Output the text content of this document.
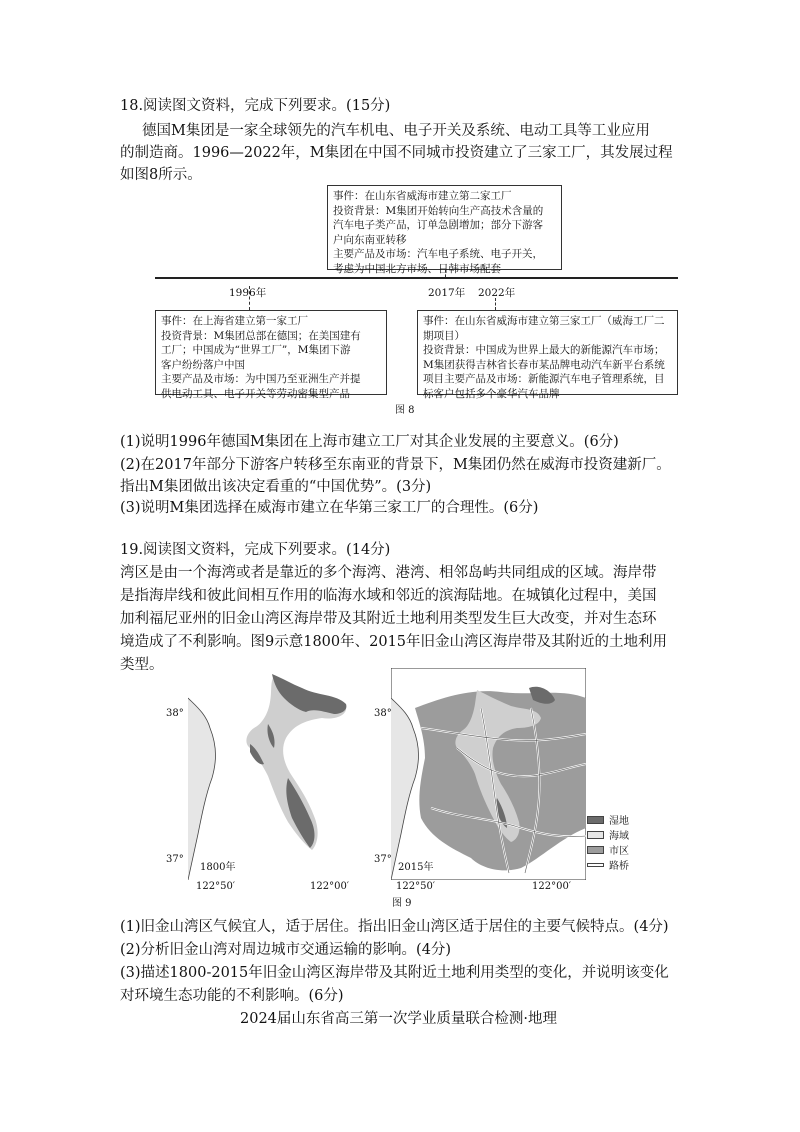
18.阅读图文资料，完成下列要求。(15分)
德国M集团是一家全球领先的汽车机电、电子开关及系统、电动工具等工业应用
的制造商。1996—2022年，M集团在中国不同城市投资建立了三家工厂，其发展过程
如图8所示。
事件：在山东省威海市建立第二家工厂
投资背景：M集团开始转向生产高技术含量的
汽车电子类产品，订单急剧增加；部分下游客
户向东南亚转移
主要产品及市场：汽车电子系统、电子开关，
考虑为中国北方市场、日韩市场配套
1996年	2017年 2022年
事件：在上海省建立第一家工厂
投资背景：M集团总部在德国；在美国建有
工厂；中国成为“世界工厂”，M集团下游
客户纷纷落户中国
主要产品及市场：为中国乃至亚洲生产并提
供电动工具、电子开关等劳动密集型产品
事件：在山东省威海市建立第三家工厂（威海工厂二
期项目）
投资背景：中国成为世界上最大的新能源汽车市场；
M集团获得吉林省长春市某品牌电动汽车新平台系统
项目主要产品及市场：新能源汽车电子管理系统，目
标客户包括多个豪华汽车品牌
图 8
(1)说明1996年德国M集团在上海市建立工厂对其企业发展的主要意义。(6分)
(2)在2017年部分下游客户转移至东南亚的背景下，M集团仍然在威海市投资建新厂。
指出M集团做出该决定看重的“中国优势”。(3分)
(3)说明M集团选择在威海市建立在华第三家工厂的合理性。(6分)
19.阅读图文资料，完成下列要求。(14分)
湾区是由一个海湾或者是靠近的多个海湾、港湾、相邻岛屿共同组成的区域。海岸带
是指海岸线和彼此间相互作用的临海水域和邻近的滨海陆地。在城镇化过程中，美国
加利福尼亚州的旧金山湾区海岸带及其附近土地利用类型发生巨大改变，并对生态环
境造成了不利影响。图9示意1800年、2015年旧金山湾区海岸带及其附近的土地利用
类型。
38°
37°
38°
37°
1800年	2015年
122°50′	122°00′	122°50′	122°00′
湿地
海域
市区
路桥
图 9
(1)旧金山湾区气候宜人，适于居住。指出旧金山湾区适于居住的主要气候特点。(4分)
(2)分析旧金山湾对周边城市交通运输的影响。(4分)
(3)描述1800-2015年旧金山湾区海岸带及其附近土地利用类型的变化，并说明该变化
对环境生态功能的不利影响。(6分)
2024届山东省高三第一次学业质量联合检测·地理
